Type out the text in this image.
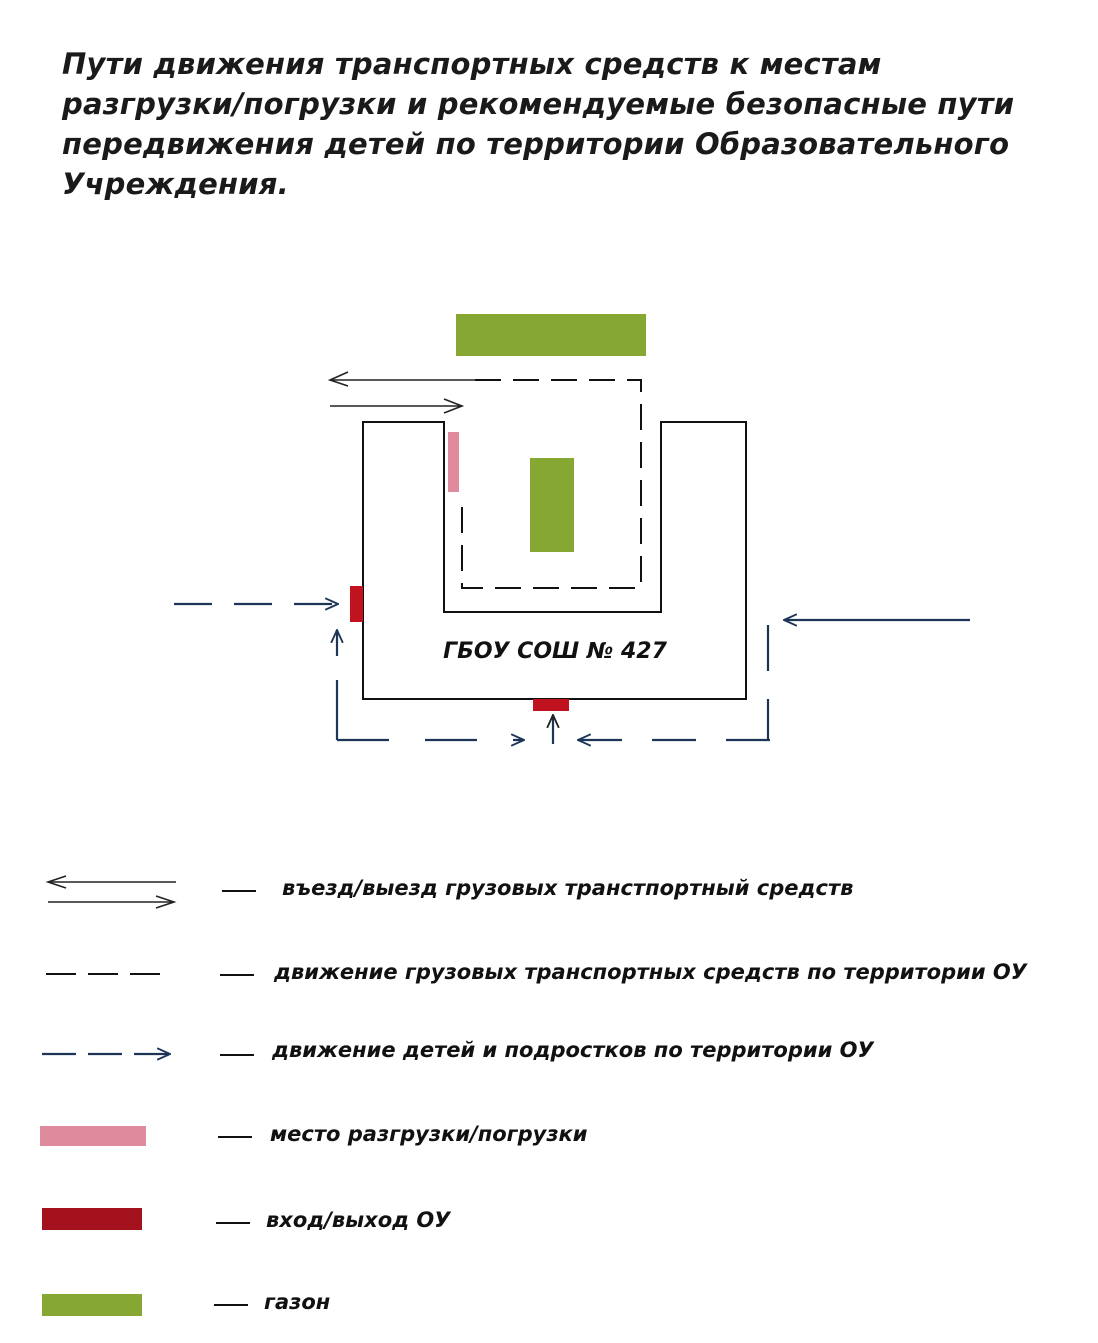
Пути движения транспортных средств к местам
разгрузки/погрузки и рекомендуемые безопасные пути
передвижения детей по территории Образовательного
Учреждения.
ГБОУ СОШ № 427
въезд/выезд грузовых транстпортный средств
движение грузовых транспортных средств по территории ОУ
движение детей и подростков по территории ОУ
место разгрузки/погрузки
вход/выход ОУ
газон
